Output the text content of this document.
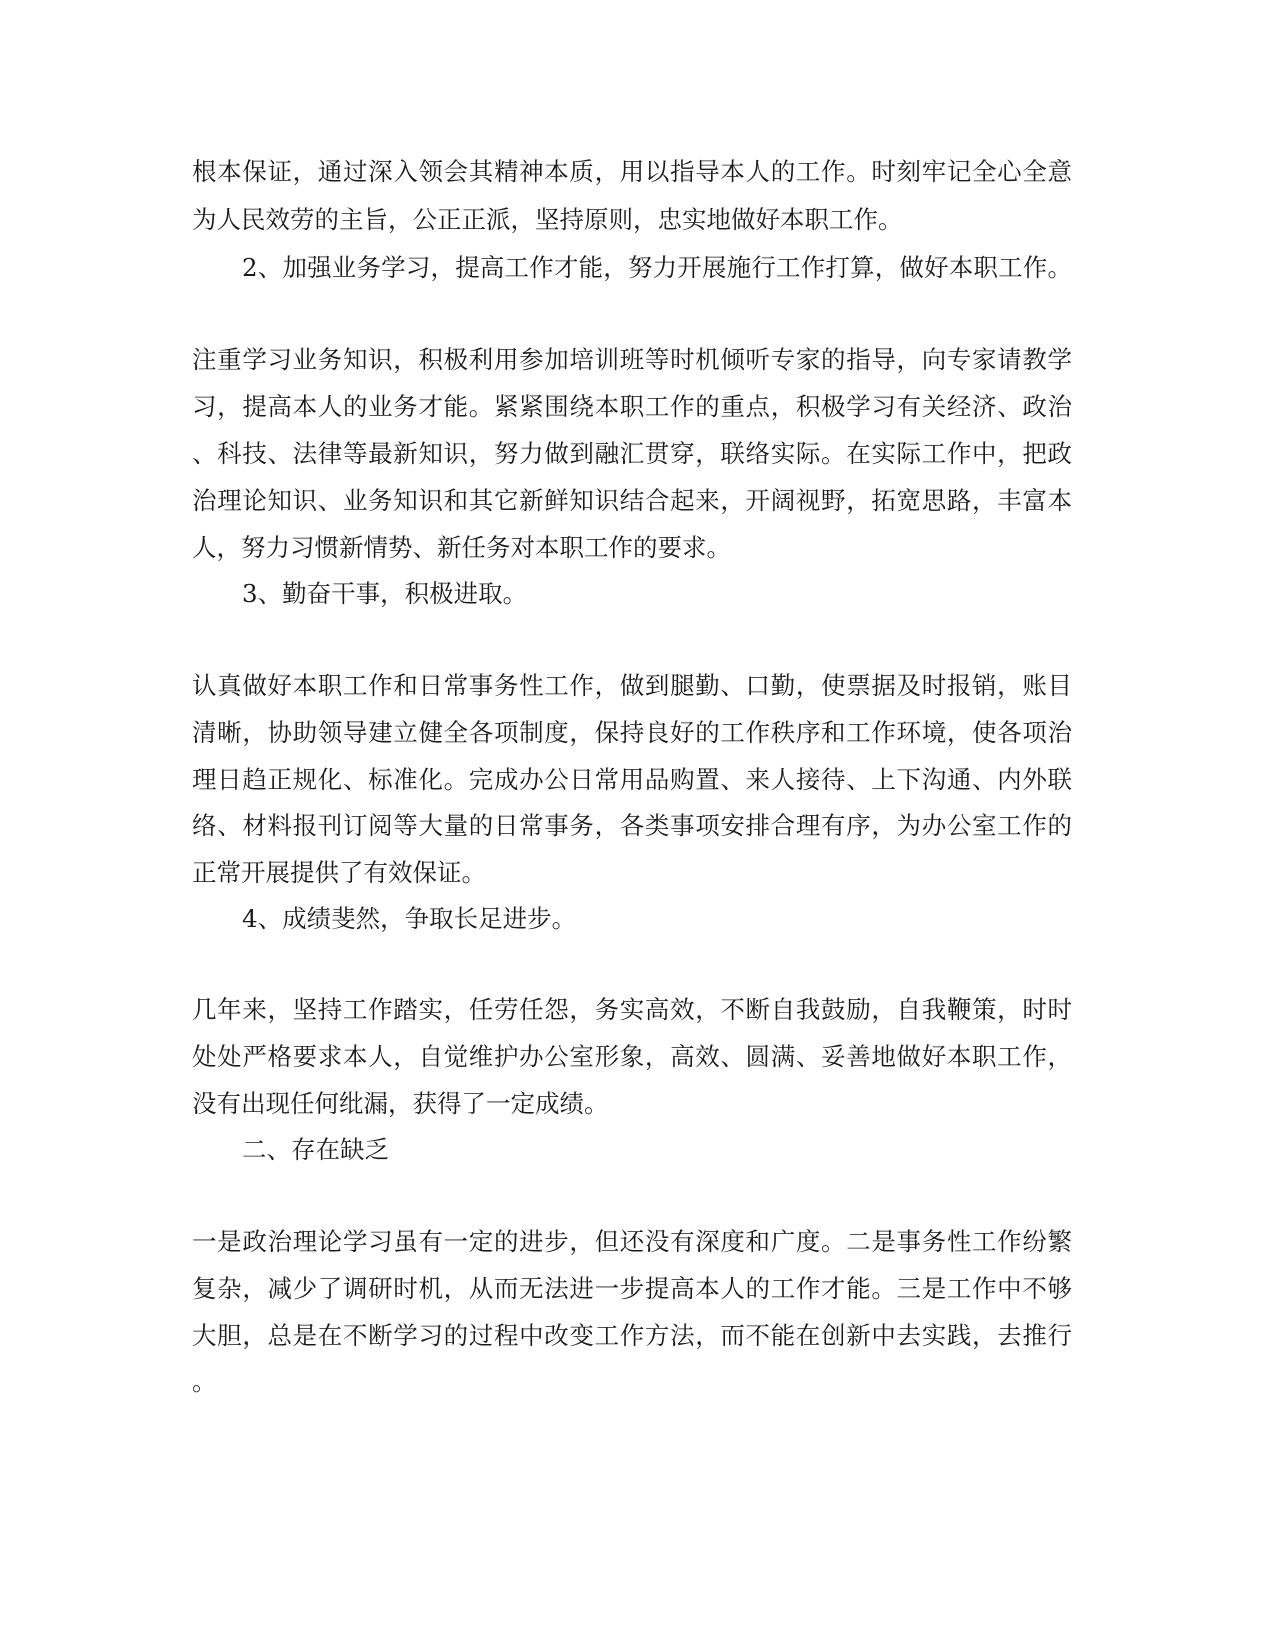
根本保证，通过深入领会其精神本质，用以指导本人的工作。时刻牢记全心全意
为人民效劳的主旨，公正正派，坚持原则，忠实地做好本职工作。
2、加强业务学习，提高工作才能，努力开展施行工作打算，做好本职工作。
注重学习业务知识，积极利用参加培训班等时机倾听专家的指导，向专家请教学
习，提高本人的业务才能。紧紧围绕本职工作的重点，积极学习有关经济、政治
、科技、法律等最新知识，努力做到融汇贯穿，联络实际。在实际工作中，把政
治理论知识、业务知识和其它新鲜知识结合起来，开阔视野，拓宽思路，丰富本
人，努力习惯新情势、新任务对本职工作的要求。
3、勤奋干事，积极进取。
认真做好本职工作和日常事务性工作，做到腿勤、口勤，使票据及时报销，账目
清晰，协助领导建立健全各项制度，保持良好的工作秩序和工作环境，使各项治
理日趋正规化、标准化。完成办公日常用品购置、来人接待、上下沟通、内外联
络、材料报刊订阅等大量的日常事务，各类事项安排合理有序，为办公室工作的
正常开展提供了有效保证。
4、成绩斐然，争取长足进步。
几年来，坚持工作踏实，任劳任怨，务实高效，不断自我鼓励，自我鞭策，时时
处处严格要求本人，自觉维护办公室形象，高效、圆满、妥善地做好本职工作，
没有出现任何纰漏，获得了一定成绩。
二、存在缺乏
一是政治理论学习虽有一定的进步，但还没有深度和广度。二是事务性工作纷繁
复杂，减少了调研时机，从而无法进一步提高本人的工作才能。三是工作中不够
大胆，总是在不断学习的过程中改变工作方法，而不能在创新中去实践，去推行
。
